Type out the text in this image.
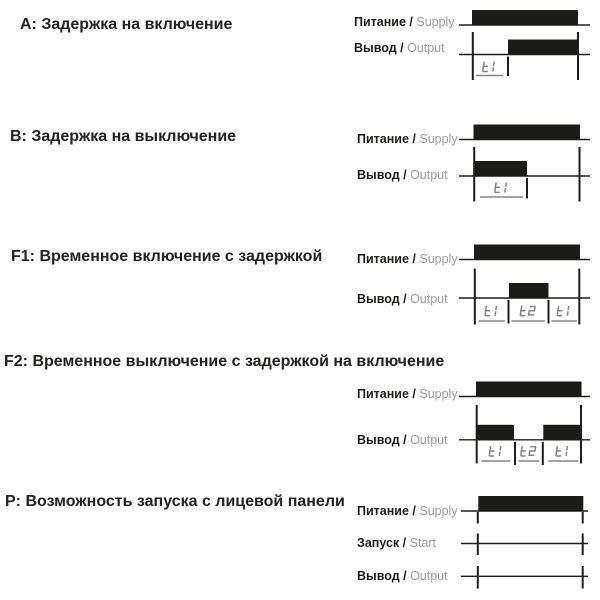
A: Задержка на включение
B: Задержка на выключение
F1: Временное включение с задержкой
F2: Временное выключение с задержкой на включение
P: Возможность запуска с лицевой панели
Питание / Supply
Вывод / Output
Питание / Supply
Вывод / Output
Питание / Supply
Вывод / Output
Питание / Supply
Вывод / Output
Питание / Supply
Запуск / Start
Вывод / Output
